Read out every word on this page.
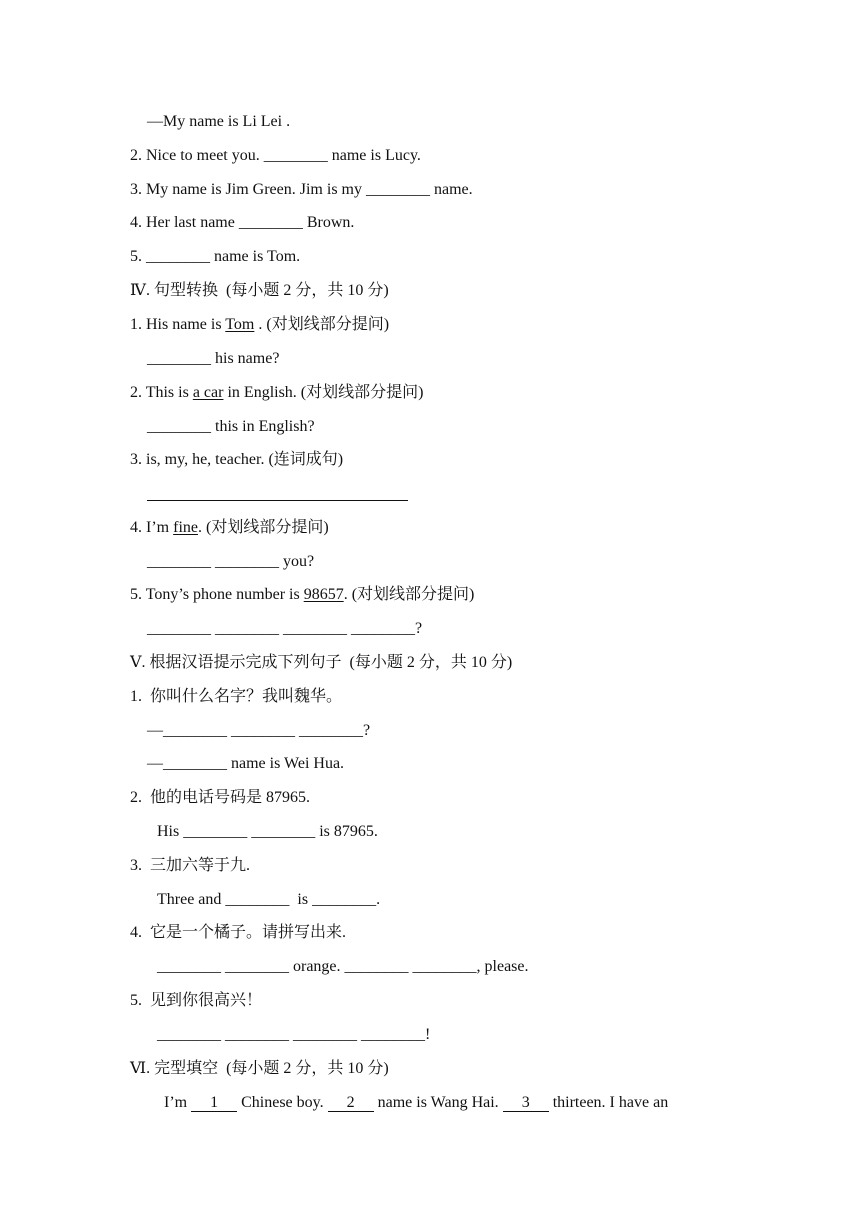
—My name is Li Lei .
2. Nice to meet you. ________ name is Lucy.
3. My name is Jim Green. Jim is my ________ name.
4. Her last name ________ Brown.
5. ________ name is Tom.
Ⅳ. 句型转换  (每小题 2 分，共 10 分)
1. His name is Tom . (对划线部分提问)
________ his name?
2. This is a car in English. (对划线部分提问)
________ this in English?
3. is, my, he, teacher. (连词成句)
4. I’m fine. (对划线部分提问)
________ ________ you?
5. Tony’s phone number is 98657. (对划线部分提问)
________ ________ ________ ________?
Ⅴ. 根据汉语提示完成下列句子  (每小题 2 分，共 10 分)
1.  你叫什么名字？我叫魏华。
—________ ________ ________?
—________ name is Wei Hua.
2.  他的电话号码是 87965.
His ________ ________ is 87965.
3.  三加六等于九.
Three and ________  is ________.
4.  它是一个橘子。请拼写出来.
________ ________ orange. ________ ________, please.
5.  见到你很高兴！
________ ________ ________ ________!
Ⅵ. 完型填空  (每小题 2 分，共 10 分)
I’m 1 Chinese boy. 2 name is Wang Hai. 3 thirteen. I have an
